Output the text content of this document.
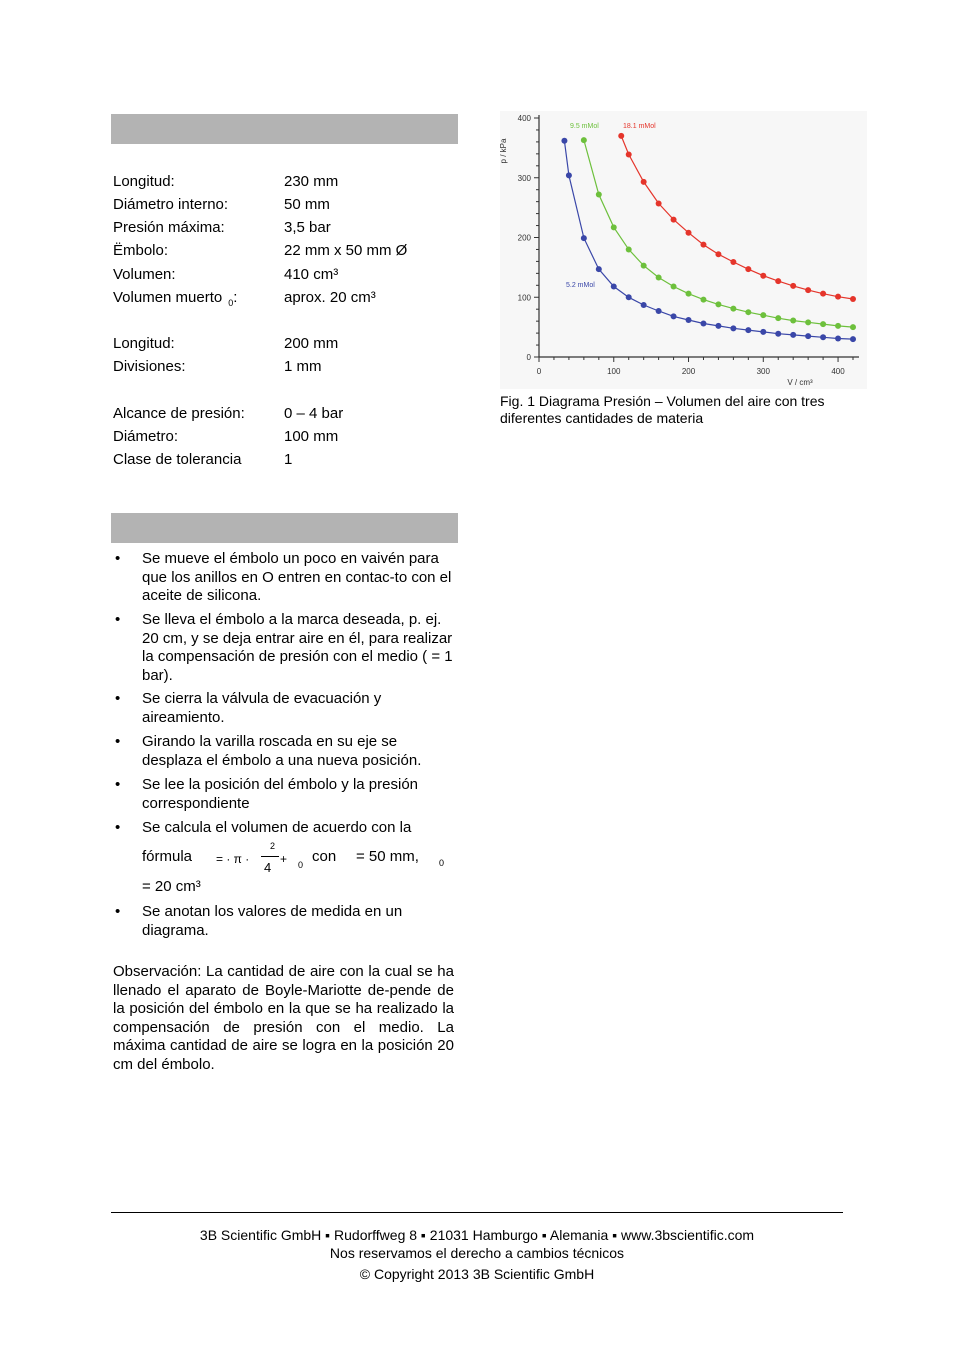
Longitud:	230 mm
Diámetro interno:	50 mm
Presión máxima:	3,5 bar
Ëmbolo:	22 mm x 50 mm Ø
Volumen:	410 cm³
Volumen muerto $_0$:	aprox. 20 cm³
Longitud:	200 mm
Divisiones:	1 mm
Alcance de presión:	0 – 4 bar
Diámetro:	100 mm
Clase de tolerancia	1
• Se mueve el émbolo un poco en vaivén para que los anillos en O entren en contac-to con el aceite de silicona.
• Se lleva el émbolo a la marca deseada, p. ej. 20 cm, y se deja entrar aire en él, para realizar la compensación de presión con el medio ( = 1 bar).
• Se cierra la válvula de evacuación y aireamiento.
• Girando la varilla roscada en su eje se desplaza el émbolo a una nueva posición.
• Se lee la posición del émbolo y la presión correspondiente
• Se calcula el volumen de acuerdo con la
fórmula = · π ·
2
4
+ 0 con = 50 mm, 0
= 20 cm³
• Se anotan los valores de medida en un diagrama.
Observación: La cantidad de aire con la cual se ha llenado el aparato de Boyle-Mariotte de-pende de la posición del émbolo en la que se ha realizado la compensación de presión con el medio. La máxima cantidad de aire se logra en la posición 20 cm del émbolo.
0	100	200	300	400
0
100
200
300
400
V / cm³
p / kPa
5.2 mMol
9.5 mMol	18.1 mMol
Fig. 1 Diagrama Presión – Volumen del aire con tres diferentes cantidades de materia
3B Scientific GmbH ▪ Rudorffweg 8 ▪ 21031 Hamburgo ▪ Alemania ▪ www.3bscientific.com
Nos reservamos el derecho a cambios técnicos
© Copyright 2013 3B Scientific GmbH
